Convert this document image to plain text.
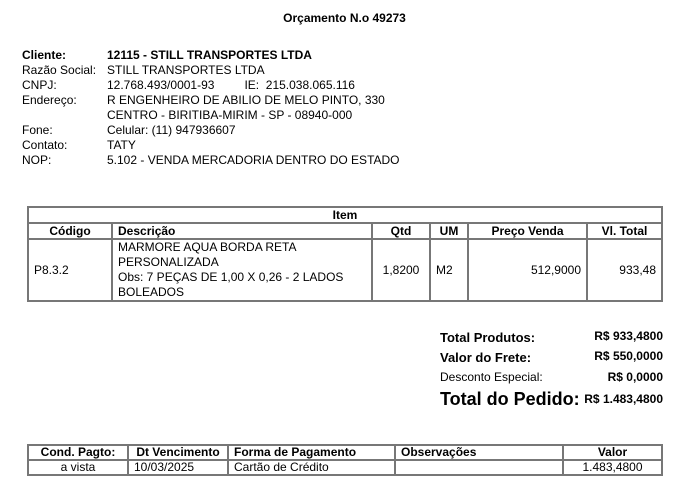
Orçamento N.o 49273
Cliente:	12115 - STILL TRANSPORTES LTDA
Razão Social: STILL TRANSPORTES LTDA
CNPJ:	12.768.493/0001-93	IE: 215.038.065.116
Endereço:	R ENGENHEIRO DE ABILIO DE MELO PINTO, 330
CENTRO - BIRITIBA-MIRIM - SP - 08940-000
Fone:	Celular: (11) 947936607
Contato:	TATY
NOP:	5.102 - VENDA MERCADORIA DENTRO DO ESTADO
Item					
Código	Descrição	Qtd	UM	Preço Venda	Vl. Total
P8.3.2	MARMORE AQUA BORDA RETA
PERSONALIZADA
Obs: 7 PEÇAS DE 1,00 X 0,26 - 2 LADOS
BOLEADOS	1,8200	M2	512,9000	933,48
Total Produtos:	R$ 933,4800
Valor do Frete:	R$ 550,0000
Desconto Especial:	R$ 0,0000
Total do Pedido: R$ 1.483,4800
Cond. Pagto:	Dt Vencimento	Forma de Pagamento	Observações	Valor
a vista	10/03/2025	Cartão de Crédito		1.483,4800
